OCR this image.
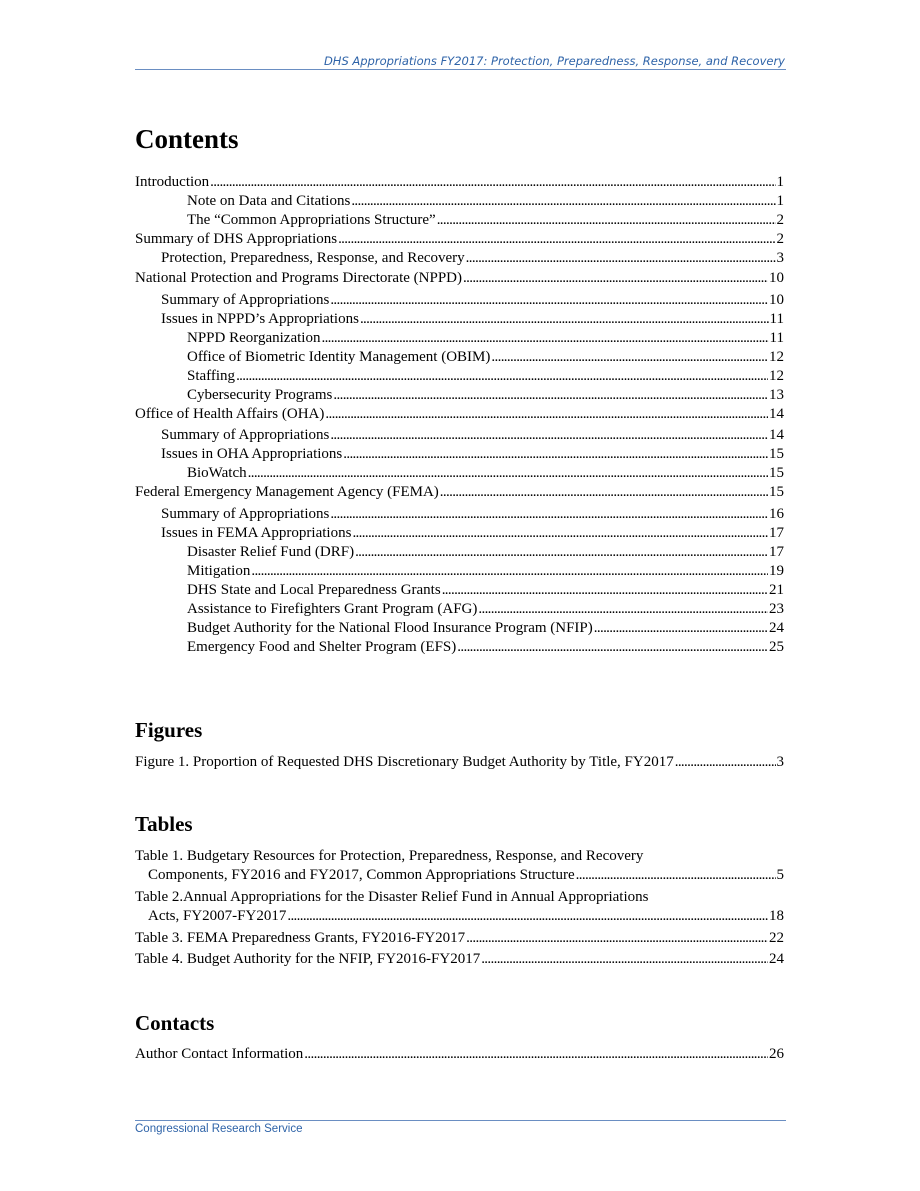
DHS Appropriations FY2017: Protection, Preparedness, Response, and Recovery
Contents
Introduction . . .	1
Note on Data and Citations . . .	1
The “Common Appropriations Structure” . . .	2
Summary of DHS Appropriations . . .	2
Protection, Preparedness, Response, and Recovery . . .	3
National Protection and Programs Directorate (NPPD) . . .	10
Summary of Appropriations . . .	10
Issues in NPPD’s Appropriations . . .	11
NPPD Reorganization . . .	11
Office of Biometric Identity Management (OBIM) . . .	12
Staffing . . .	12
Cybersecurity Programs . . .	13
Office of Health Affairs (OHA) . . .	14
Summary of Appropriations . . .	14
Issues in OHA Appropriations . . .	15
BioWatch . . .	15
Federal Emergency Management Agency (FEMA) . . .	15
Summary of Appropriations . . .	16
Issues in FEMA Appropriations . . .	17
Disaster Relief Fund (DRF) . . .	17
Mitigation . . .	19
DHS State and Local Preparedness Grants . . .	21
Assistance to Firefighters Grant Program (AFG) . . .	23
Budget Authority for the National Flood Insurance Program (NFIP) . . .	24
Emergency Food and Shelter Program (EFS) . . .	25
Figures
Figure 1. Proportion of Requested DHS Discretionary Budget Authority by Title, FY2017 . . .	3
Tables
Table 1. Budgetary Resources for Protection, Preparedness, Response, and Recovery
Components, FY2016 and FY2017, Common Appropriations Structure . . .	5
Table 2.Annual Appropriations for the Disaster Relief Fund in Annual Appropriations
Acts, FY2007-FY2017 . . .	18
Table 3. FEMA Preparedness Grants, FY2016-FY2017 . . .	22
Table 4. Budget Authority for the NFIP, FY2016-FY2017 . . .	24
Contacts
Author Contact Information . . .	26
Congressional Research Service
